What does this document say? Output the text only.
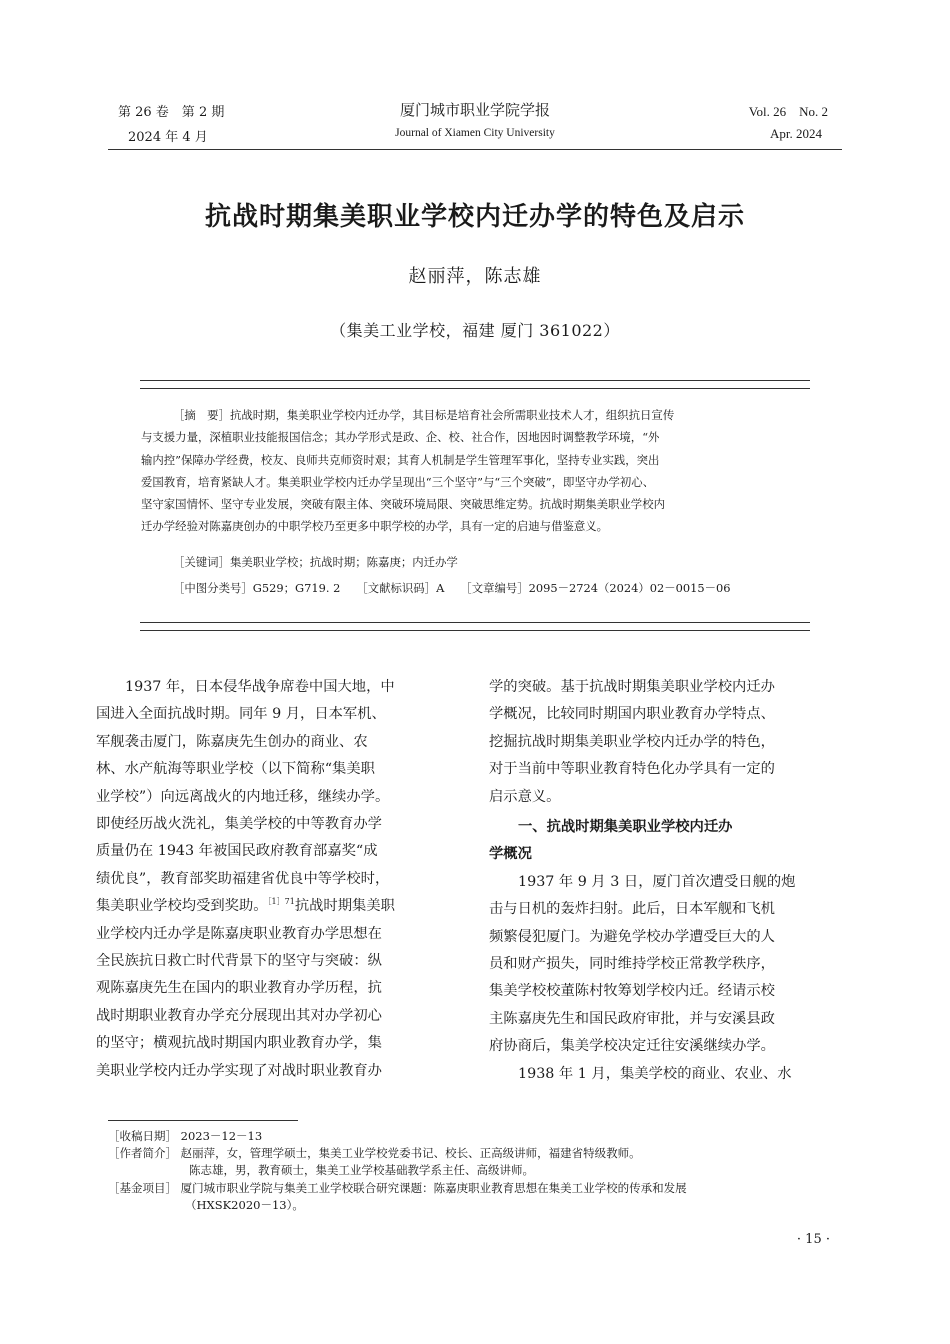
第 26 卷　第 2 期
2024 年 4 月
厦门城市职业学院学报
Journal of Xiamen City University
Vol. 26　No. 2
Apr. 2024
抗战时期集美职业学校内迁办学的特色及启示
赵丽萍，陈志雄
（集美工业学校，福建 厦门 361022）
［摘　要］抗战时期，集美职业学校内迁办学，其目标是培育社会所需职业技术人才，组织抗日宣传
与支援力量，深植职业技能报国信念；其办学形式是政、企、校、社合作，因地因时调整教学环境，“外
输内控”保障办学经费，校友、良师共克师资时艰；其育人机制是学生管理军事化，坚持专业实践，突出
爱国教育，培育紧缺人才。集美职业学校内迁办学呈现出“三个坚守”与“三个突破”，即坚守办学初心、
坚守家国情怀、坚守专业发展，突破有限主体、突破环境局限、突破思维定势。抗战时期集美职业学校内
迁办学经验对陈嘉庚创办的中职学校乃至更多中职学校的办学，具有一定的启迪与借鉴意义。
［关键词］集美职业学校；抗战时期；陈嘉庚；内迁办学
［中图分类号］G529；G719. 2 ［文献标识码］A ［文章编号］2095－2724（2024）02－0015－06

1937 年，日本侵华战争席卷中国大地，中

国进入全面抗战时期。同年 9 月，日本军机、

军舰袭击厦门，陈嘉庚先生创办的商业、农

林、水产航海等职业学校（以下简称“集美职

业学校”）向远离战火的内地迁移，继续办学。

即使经历战火洗礼，集美学校的中等教育办学

质量仍在 1943 年被国民政府教育部嘉奖“成

绩优良”，教育部奖助福建省优良中等学校时，

集美职业学校均受到奖助。$^{[1]71}$抗战时期集美职

业学校内迁办学是陈嘉庚职业教育办学思想在

全民族抗日救亡时代背景下的坚守与突破：纵

观陈嘉庚先生在国内的职业教育办学历程，抗

战时期职业教育办学充分展现出其对办学初心

的坚守；横观抗战时期国内职业教育办学，集

美职业学校内迁办学实现了对战时职业教育办

学的突破。基于抗战时期集美职业学校内迁办

学概况，比较同时期国内职业教育办学特点、

挖掘抗战时期集美职业学校内迁办学的特色，

对于当前中等职业教育特色化办学具有一定的

启示意义。

一、抗战时期集美职业学校内迁办

学概况

1937 年 9 月 3 日，厦门首次遭受日舰的炮

击与日机的轰炸扫射。此后，日本军舰和飞机

频繁侵犯厦门。为避免学校办学遭受巨大的人

员和财产损失，同时维持学校正常教学秩序，

集美学校校董陈村牧筹划学校内迁。经请示校

主陈嘉庚先生和国民政府审批，并与安溪县政

府协商后，集美学校决定迁往安溪继续办学。

1938 年 1 月，集美学校的商业、农业、水

［收稿日期］ 2023－12－13
［作者简介］ 赵丽萍，女，管理学硕士，集美工业学校党委书记、校长、正高级讲师，福建省特级教师。
陈志雄，男，教育硕士，集美工业学校基础教学系主任、高级讲师。
［基金项目］ 厦门城市职业学院与集美工业学校联合研究课题：陈嘉庚职业教育思想在集美工业学校的传承和发展
（HXSK2020－13）。
· 15 ·
